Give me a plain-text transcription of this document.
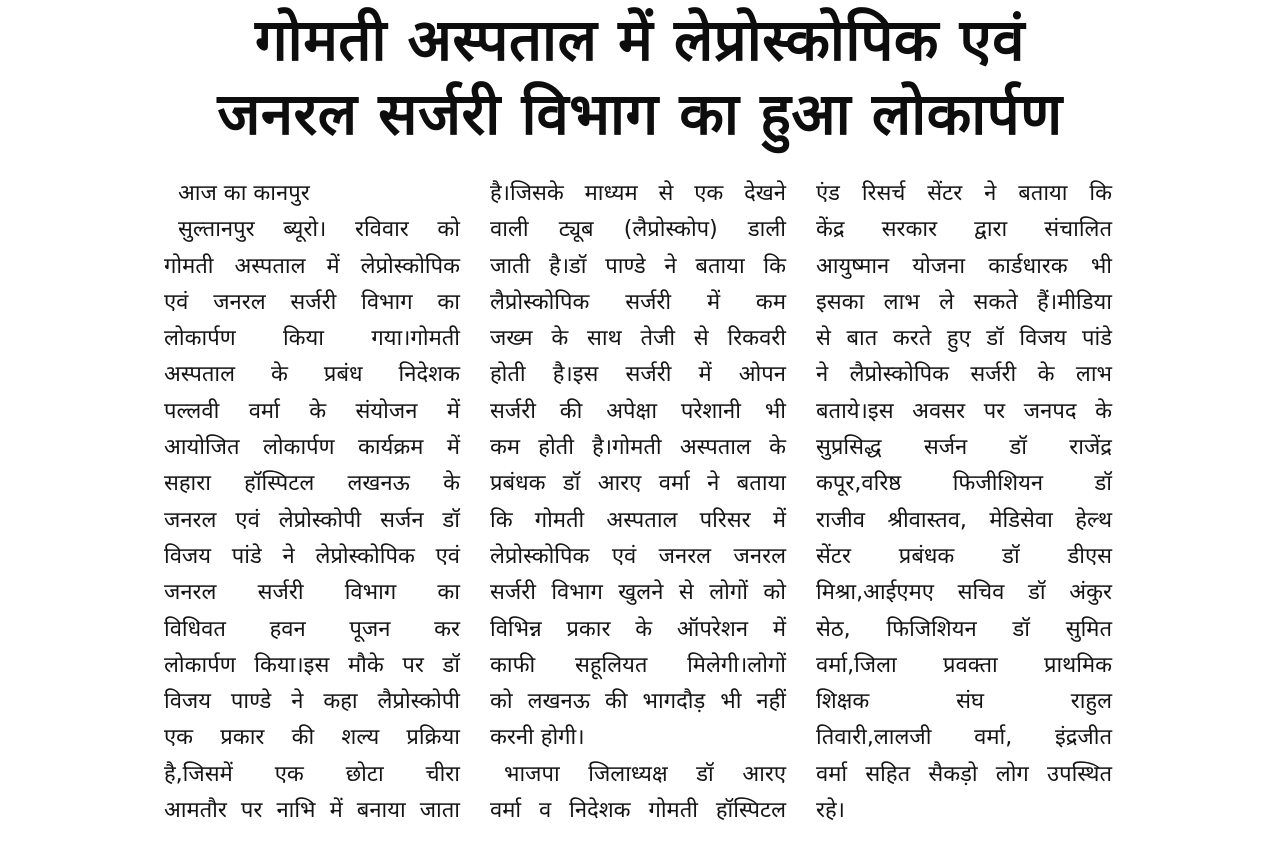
गोमती अस्पताल में लेप्रोस्कोपिक एवं
जनरल सर्जरी विभाग का हुआ लोकार्पण
आज का कानपुर
सुल्तानपुर ब्यूरो। रविवार को
गोमती अस्पताल में लेप्रोस्कोपिक
एवं जनरल सर्जरी विभाग का
लोकार्पण किया गया।गोमती
अस्पताल के प्रबंध निदेशक
पल्लवी वर्मा के संयोजन में
आयोजित लोकार्पण कार्यक्रम में
सहारा हॉस्पिटल लखनऊ के
जनरल एवं लेप्रोस्कोपी सर्जन डॉ
विजय पांडे ने लेप्रोस्कोपिक एवं
जनरल सर्जरी विभाग का
विधिवत हवन पूजन कर
लोकार्पण किया।इस मौके पर डॉ
विजय पाण्डे ने कहा लैप्रोस्कोपी
एक प्रकार की शल्य प्रक्रिया
है,जिसमें एक छोटा चीरा
आमतौर पर नाभि में बनाया जाता
है।जिसके माध्यम से एक देखने
वाली ट्यूब (लैप्रोस्कोप) डाली
जाती है।डॉ पाण्डे ने बताया कि
लैप्रोस्कोपिक सर्जरी में कम
जख्म के साथ तेजी से रिकवरी
होती है।इस सर्जरी में ओपन
सर्जरी की अपेक्षा परेशानी भी
कम होती है।गोमती अस्पताल के
प्रबंधक डॉ आरए वर्मा ने बताया
कि गोमती अस्पताल परिसर में
लेप्रोस्कोपिक एवं जनरल जनरल
सर्जरी विभाग खुलने से लोगों को
विभिन्न प्रकार के ऑपरेशन में
काफी सहूलियत मिलेगी।लोगों
को लखनऊ की भागदौड़ भी नहीं
करनी होगी।
भाजपा जिलाध्यक्ष डॉ आरए
वर्मा व निदेशक गोमती हॉस्पिटल
एंड रिसर्च सेंटर ने बताया कि
केंद्र सरकार द्वारा संचालित
आयुष्मान योजना कार्डधारक भी
इसका लाभ ले सकते हैं।मीडिया
से बात करते हुए डॉ विजय पांडे
ने लैप्रोस्कोपिक सर्जरी के लाभ
बताये।इस अवसर पर जनपद के
सुप्रसिद्ध सर्जन डॉ राजेंद्र
कपूर,वरिष्ठ फिजीशियन डॉ
राजीव श्रीवास्तव, मेडिसेवा हेल्थ
सेंटर प्रबंधक डॉ डीएस
मिश्रा,आईएमए सचिव डॉ अंकुर
सेठ, फिजिशियन डॉ सुमित
वर्मा,जिला प्रवक्ता प्राथमिक
शिक्षक संघ राहुल
तिवारी,लालजी वर्मा, इंद्रजीत
वर्मा सहित सैकड़ो लोग उपस्थित
रहे।
